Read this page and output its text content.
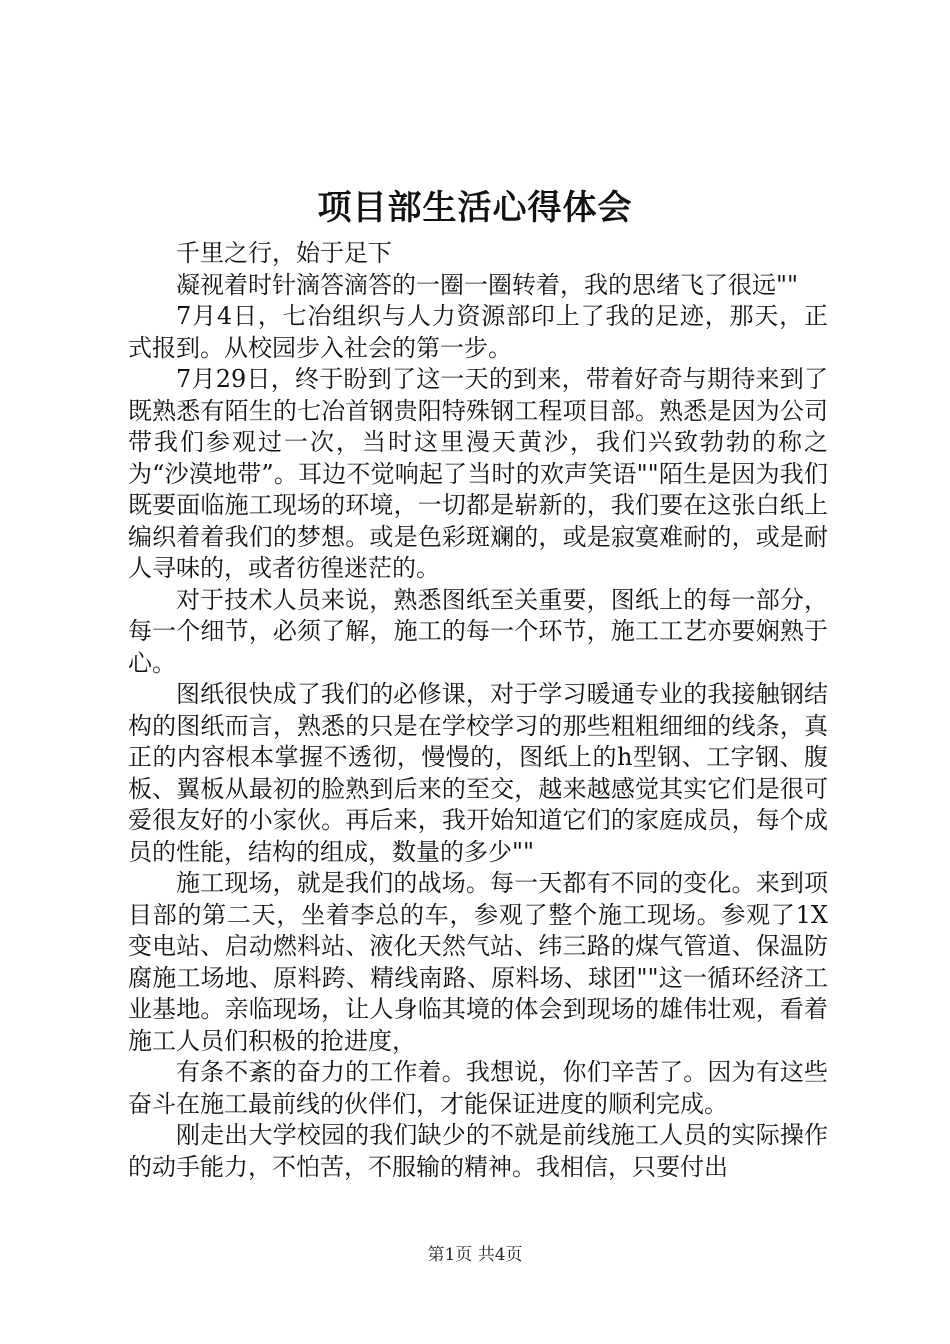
项目部生活心得体会

千里之行，始于足下

凝视着时针滴答滴答的一圈一圈转着，我的思绪飞了很远""

7月4日，七冶组织与人力资源部印上了我的足迹，那天，正式报到。从校园步入社会的第一步。

7月29日，终于盼到了这一天的到来，带着好奇与期待来到了既熟悉有陌生的七冶首钢贵阳特殊钢工程项目部。熟悉是因为公司带我们参观过一次，当时这里漫天黄沙，我们兴致勃勃的称之为“沙漠地带”。耳边不觉响起了当时的欢声笑语""陌生是因为我们既要面临施工现场的环境，一切都是崭新的，我们要在这张白纸上编织着着我们的梦想。或是色彩斑斓的，或是寂寞难耐的，或是耐人寻味的，或者彷徨迷茫的。

对于技术人员来说，熟悉图纸至关重要，图纸上的每一部分，每一个细节，必须了解，施工的每一个环节，施工工艺亦要娴熟于心。

图纸很快成了我们的必修课，对于学习暖通专业的我接触钢结构的图纸而言，熟悉的只是在学校学习的那些粗粗细细的线条，真正的内容根本掌握不透彻，慢慢的，图纸上的h型钢、工字钢、腹板、翼板从最初的脸熟到后来的至交，越来越感觉其实它们是很可爱很友好的小家伙。再后来，我开始知道它们的家庭成员，每个成员的性能，结构的组成，数量的多少""

施工现场，就是我们的战场。每一天都有不同的变化。来到项目部的第二天，坐着李总的车，参观了整个施工现场。参观了1X变电站、启动燃料站、液化天然气站、纬三路的煤气管道、保温防腐施工场地、原料跨、精线南路、原料场、球团""这一循环经济工业基地。亲临现场，让人身临其境的体会到现场的雄伟壮观，看着施工人员们积极的抢进度，

有条不紊的奋力的工作着。我想说，你们辛苦了。因为有这些奋斗在施工最前线的伙伴们，才能保证进度的顺利完成。

刚走出大学校园的我们缺少的不就是前线施工人员的实际操作的动手能力，不怕苦，不服输的精神。我相信，只要付出

第1页 共4页
